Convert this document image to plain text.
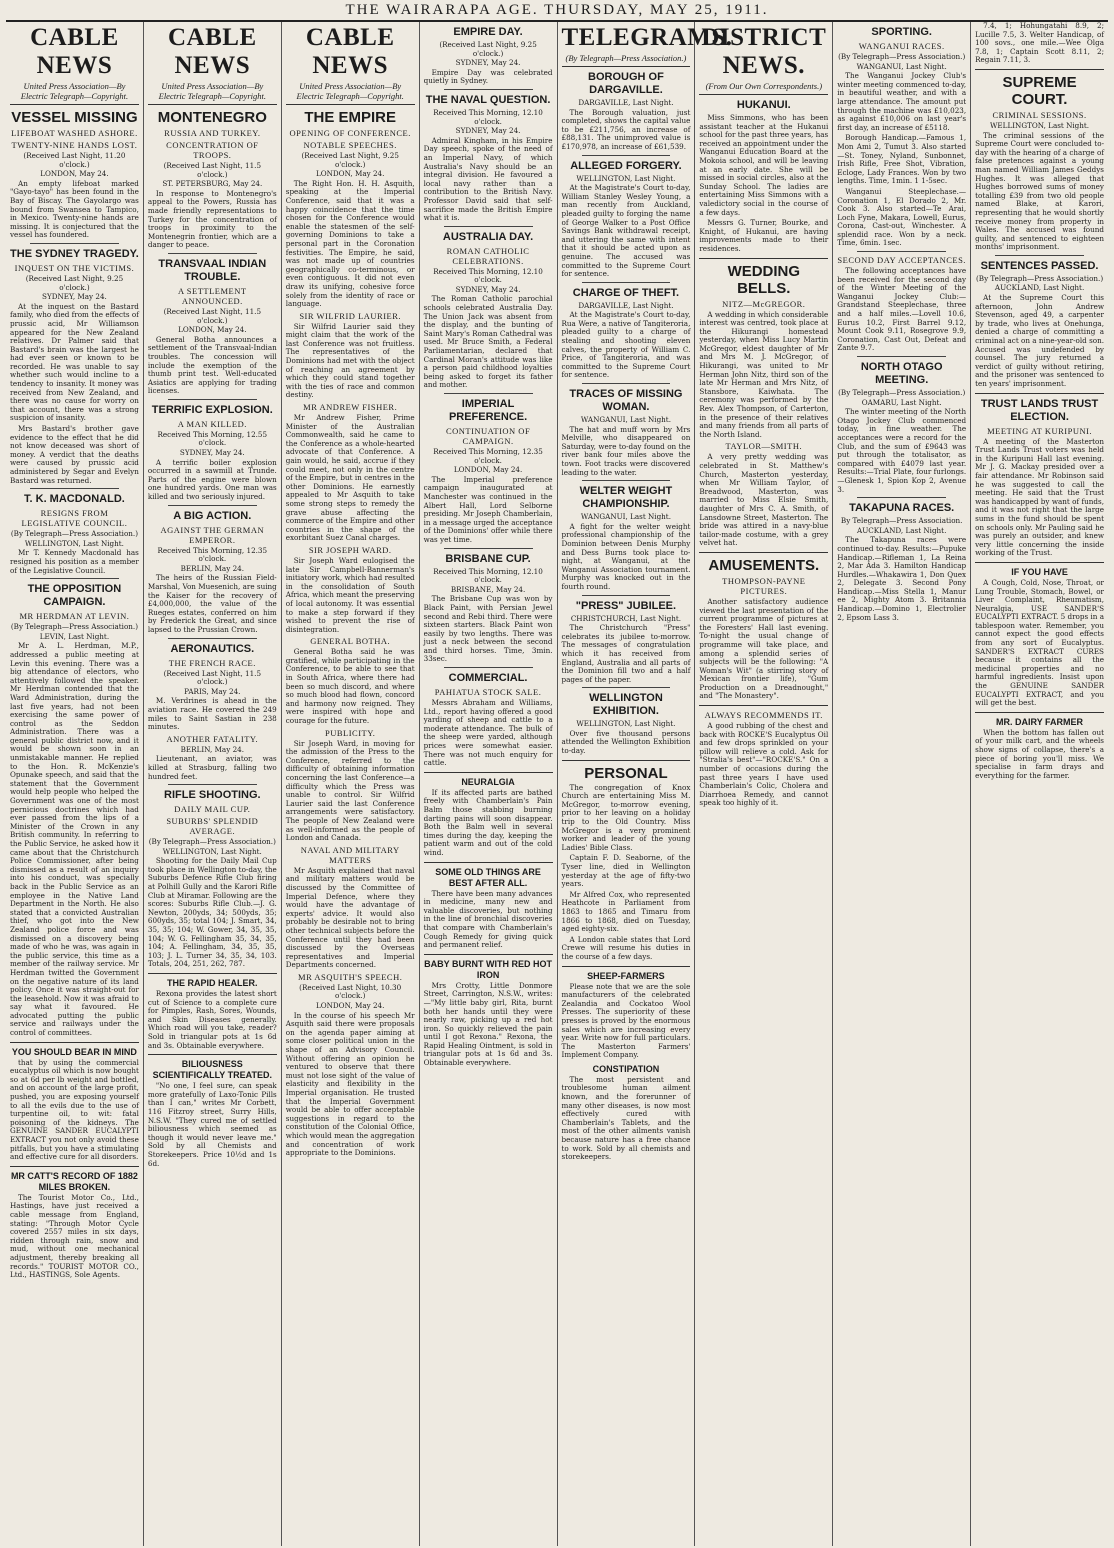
THE WAIRARAPA AGE. THURSDAY, MAY 25, 1911.
CABLE NEWS
United Press Association—By Electric Telegraph—Copyright.
VESSEL MISSING
LIFEBOAT WASHED ASHORE.
TWENTY-NINE HANDS LOST.
(Received Last Night, 11.20 o'clock.)
LONDON, May 24.

An empty lifeboat marked "Gayo-tayo" has been found in the Bay of Biscay. The Gayolargo was bound from Swansea to Tampico, in Mexico. Twenty-nine hands are missing. It is conjectured that the vessel has foundered.

THE SYDNEY TRAGEDY.
INQUEST ON THE VICTIMS.
(Received Last Night, 9.25 o'clock.)
SYDNEY, May 24.

At the inquest on the Bastard family, who died from the effects of prussic acid, Mr Williamson appeared for the New Zealand relatives. Dr Palmer said that Bastard's brain was the largest he had ever seen or known to be recorded. He was unable to say whether such would incline to a tendency to insanity. It money was received from New Zealand, and there was no cause for worry on that account, there was a strong suspicion of insanity.

Mrs Bastard's brother gave evidence to the effect that he did not know deceased was short of money. A verdict that the deaths were caused by prussic acid administered by Segar and Evelyn Bastard was returned.

T. K. MACDONALD.
RESIGNS FROM LEGISLATIVE COUNCIL.
(By Telegraph—Press Association.)
WELLINGTON, Last Night.

Mr T. Kennedy Macdonald has resigned his position as a member of the Legislative Council.

THE OPPOSITION CAMPAIGN.
MR HERDMAN AT LEVIN.
(By Telegraph—Press Association.)
LEVIN, Last Night.

Mr A. L. Herdman, M.P., addressed a public meeting at Levin this evening. There was a big attendance of electors, who attentively followed the speaker. Mr Herdman contended that the Ward Administration, during the last five years, had not been exercising the same power of control as the Seddon Administration. There was a general public district now, and it would be shown soon in an unmistakable manner. He replied to the Hon. R. McKenzie's Opunake speech, and said that the statement that the Government would help people who helped the Government was one of the most pernicious doctrines which had ever passed from the lips of a Minister of the Crown in any British community. In referring to the Public Service, he asked how it came about that the Christchurch Police Commissioner, after being dismissed as a result of an inquiry into his conduct, was specially back in the Public Service as an employee in the Native Land Department in the North. He also stated that a convicted Australian thief, who got into the New Zealand police force and was dismissed on a discovery being made of who he was, was again in the public service, this time as a member of the railway service. Mr Herdman twitted the Government on the negative nature of its land policy. Once it was straight-out for the leasehold. Now it was afraid to say what it favoured. He advocated putting the public service and railways under the control of committees.

YOU SHOULD BEAR IN MIND

that by using the commercial eucalyptus oil which is now bought so at 6d per lb weight and bottled, and on account of the large profit, pushed, you are exposing yourself to all the evils due to the use of turpentine oil, to wit: fatal poisoning of the kidneys. The GENUINE SANDER EUCALYPTI EXTRACT you not only avoid these pitfalls, but you have a stimulating and effective cure for all disorders.

MR CATT'S RECORD OF 1882 MILES BROKEN.

The Tourist Motor Co., Ltd., Hastings, have just received a cable message from England, stating: "Through Motor Cycle covered 2557 miles in six days, ridden through rain, snow and mud, without one mechanical adjustment, thereby breaking all records." TOURIST MOTOR CO., Ltd., HASTINGS, Sole Agents.

CABLE NEWS
United Press Association—By Electric Telegraph—Copyright.
MONTENEGRO
RUSSIA AND TURKEY.
CONCENTRATION OF TROOPS.
(Received Last Night, 11.5 o'clock.)
ST. PETERSBURG, May 24.

In response to Montenegro's appeal to the Powers, Russia has made friendly representations to Turkey for the concentration of troops in proximity to the Montenegrin frontier, which are a danger to peace.

TRANSVAAL INDIAN TROUBLE.
A SETTLEMENT ANNOUNCED.
(Received Last Night, 11.5 o'clock.)
LONDON, May 24.

General Botha announces a settlement of the Transvaal-Indian troubles. The concession will include the exemption of the thumb print test. Well-educated Asiatics are applying for trading licenses.

TERRIFIC EXPLOSION.
A MAN KILLED.
Received This Morning, 12.55 o'clock.
SYDNEY, May 24.

A terrific boiler explosion occurred in a sawmill at Trunde. Parts of the engine were blown one hundred yards. One man was killed and two seriously injured.

A BIG ACTION.
AGAINST THE GERMAN EMPEROR.
Received This Morning, 12.35 o'clock.
BERLIN, May 24.

The heirs of the Russian Field-Marshal, Von Muesenich, are suing the Kaiser for the recovery of £4,000,000, the value of the Rueges estates, conferred on him by Frederick the Great, and since lapsed to the Prussian Crown.

AERONAUTICS.
THE FRENCH RACE.
(Received Last Night, 11.5 o'clock.)
PARIS, May 24.

M. Verdrines is ahead in the aviation race. He covered the 249 miles to Saint Sastian in 238 minutes.

ANOTHER FATALITY.
BERLIN, May 24.

Lieutenant, an aviator, was killed at Strasburg, falling two hundred feet.

RIFLE SHOOTING.
DAILY MAIL CUP.
SUBURBS' SPLENDID AVERAGE.
(By Telegraph—Press Association.)
WELLINGTON, Last Night.

Shooting for the Daily Mail Cup took place in Wellington to-day, the Suburbs Defence Rifle Club firing at Polhill Gully and the Karori Rifle Club at Miramar. Following are the scores: Suburbs Rifle Club.—J. G. Newton, 200yds, 34; 500yds, 35; 600yds, 35; total 104; J. Smart, 34, 35, 35; 104; W. Gower, 34, 35, 35, 104; W. G. Fellingham 35, 34, 35, 104; A. Fellingham, 34, 35, 35, 103; J. L. Turner 34, 35, 34, 103. Totals, 204, 251, 262, 787.

THE RAPID HEALER.

Rexona provides the latest short cut of Science to a complete cure for Pimples, Rash, Sores, Wounds, and Skin Diseases generally. Which road will you take, reader? Sold in triangular pots at 1s 6d and 3s. Obtainable everywhere.

BILIOUSNESS SCIENTIFICALLY TREATED.

"No one, I feel sure, can speak more gratefully of Laxo-Tonic Pills than I can," writes Mr Corbett, 116 Fitzroy street, Surry Hills, N.S.W. "They cured me of settled biliousness which seemed as though it would never leave me." Sold by all Chemists and Storekeepers. Price 10½d and 1s 6d.

CABLE NEWS
United Press Association—By Electric Telegraph—Copyright.
THE EMPIRE
OPENING OF CONFERENCE.
NOTABLE SPEECHES.
(Received Last Night, 9.25 o'clock.)
LONDON, May 24.

The Right Hon. H. H. Asquith, speaking at the Imperial Conference, said that it was a happy coincidence that the time chosen for the Conference would enable the statesmen of the self-governing Dominions to take a personal part in the Coronation festivities. The Empire, he said, was not made up of countries geographically co-terminous, or even contiguous. It did not even draw its unifying, cohesive force solely from the identity of race or language.

SIR WILFRID LAURIER.

Sir Wilfrid Laurier said they might claim that the work of the last Conference was not fruitless. The representatives of the Dominions had met with the object of reaching an agreement by which they could stand together with the ties of race and common destiny.

MR ANDREW FISHER.

Mr Andrew Fisher, Prime Minister of the Australian Commonwealth, said he came to the Conference as a whole-hearted advocate of that Conference. A gain would, he said, accrue if they could meet, not only in the centre of the Empire, but in centres in the other Dominions. He earnestly appealed to Mr Asquith to take some strong steps to remedy the grave abuse affecting the commerce of the Empire and other countries in the shape of the exorbitant Suez Canal charges.

SIR JOSEPH WARD.

Sir Joseph Ward eulogised the late Sir Campbell-Bannerman's initiatory work, which had resulted in the consolidation of South Africa, which meant the preserving of local autonomy. It was essential to make a step forward if they wished to prevent the rise of disintegration.

GENERAL BOTHA.

General Botha said he was gratified, while participating in the Conference, to be able to see that in South Africa, where there had been so much discord, and where so much blood had flown, concord and harmony now reigned. They were inspired with hope and courage for the future.

PUBLICITY.

Sir Joseph Ward, in moving for the admission of the Press to the Conference, referred to the difficulty of obtaining information concerning the last Conference—a difficulty which the Press was unable to control. Sir Wilfrid Laurier said the last Conference arrangements were satisfactory. The people of New Zealand were as well-informed as the people of London and Canada.

NAVAL AND MILITARY MATTERS

Mr Asquith explained that naval and military matters would be discussed by the Committee of Imperial Defence, where they would have the advantage of experts' advice. It would also probably be desirable not to bring other technical subjects before the Conference until they had been discussed by the Overseas representatives and Imperial Departments concerned.

MR ASQUITH'S SPEECH.
(Received Last Night, 10.30 o'clock.)
LONDON, May 24.

In the course of his speech Mr Asquith said there were proposals on the agenda paper aiming at some closer political union in the shape of an Advisory Council. Without offering an opinion he ventured to observe that there must not lose sight of the value of elasticity and flexibility in the Imperial organisation. He trusted that the Imperial Government would be able to offer acceptable suggestions in regard to the constitution of the Colonial Office, which would mean the aggregation and concentration of work appropriate to the Dominions.

EMPIRE DAY.
(Received Last Night, 9.25 o'clock.)
SYDNEY, May 24.

Empire Day was celebrated quietly in Sydney.

THE NAVAL QUESTION.
Received This Morning, 12.10 o'clock.
SYDNEY, May 24.

Admiral Kingham, in his Empire Day speech, spoke of the need of an Imperial Navy, of which Australia's Navy should be an integral division. He favoured a local navy rather than a contribution to the British Navy. Professor David said that self-sacrifice made the British Empire what it is.

AUSTRALIA DAY.
ROMAN CATHOLIC CELEBRATIONS.
Received This Morning, 12.10 o'clock.
SYDNEY, May 24.

The Roman Catholic parochial schools celebrated Australia Day. The Union Jack was absent from the display, and the bunting of Saint Mary's Roman Cathedral was used. Mr Bruce Smith, a Federal Parliamentarian, declared that Cardinal Moran's attitude was like a person paid childhood loyalties being asked to forget its father and mother.

IMPERIAL PREFERENCE.
CONTINUATION OF CAMPAIGN.
Received This Morning, 12.35 o'clock.
LONDON, May 24.

The Imperial preference campaign inaugurated at Manchester was continued in the Albert Hall, Lord Selborne presiding. Mr Joseph Chamberlain, in a message urged the acceptance of the Dominions' offer while there was yet time.

BRISBANE CUP.
Received This Morning, 12.10 o'clock.
BRISBANE, May 24.

The Brisbane Cup was won by Black Paint, with Persian Jewel second and Rebi third. There were sixteen starters. Black Paint won easily by two lengths. There was just a neck between the second and third horses. Time, 3min. 33sec.

COMMERCIAL.
PAHIATUA STOCK SALE.

Messrs Abraham and Williams, Ltd., report having offered a good yarding of sheep and cattle to a moderate attendance. The bulk of the sheep were yarded, although prices were somewhat easier. There was not much enquiry for cattle.

NEURALGIA

If its affected parts are bathed freely with Chamberlain's Pain Balm those stabbing burning darting pains will soon disappear. Both the Balm well in several times during the day, keeping the patient warm and out of the cold wind.

SOME OLD THINGS ARE BEST AFTER ALL.

There have been many advances in medicine, many new and valuable discoveries, but nothing in the line of bronchial discoveries that compare with Chamberlain's Cough Remedy for giving quick and permanent relief.

BABY BURNT WITH RED HOT IRON

Mrs Crotty, Little Donmore Street, Carrington, N.S.W., writes:—"My little baby girl, Rita, burnt both her hands until they were nearly raw, picking up a red hot iron. So quickly relieved the pain until I got Rexona." Rexona, the Rapid Healing Ointment, is sold in triangular pots at 1s 6d and 3s. Obtainable everywhere.

TELEGRAMS.
(By Telegraph—Press Association.)
BOROUGH OF DARGAVILLE.
DARGAVILLE, Last Night.

The Borough valuation, just completed, shows the capital value to be £211,756, an increase of £88,131. The unimproved value is £170,978, an increase of £61,539.

ALLEGED FORGERY.
WELLINGTON, Last Night.

At the Magistrate's Court to-day, William Stanley Wesley Young, a man recently from Auckland, pleaded guilty to forging the name of George Walker to a Post Office Savings Bank withdrawal receipt, and uttering the same with intent that it should be acted upon as genuine. The accused was committed to the Supreme Court for sentence.

CHARGE OF THEFT.
DARGAVILLE, Last Night.

At the Magistrate's Court to-day, Rua Were, a native of Tangiteroria, pleaded guilty to a charge of stealing and shooting eleven calves, the property of William C. Price, of Tangiteroria, and was committed to the Supreme Court for sentence.

TRACES OF MISSING WOMAN.
WANGANUI, Last Night.

The hat and muff worn by Mrs Melville, who disappeared on Saturday, were to-day found on the river bank four miles above the town. Foot tracks were discovered leading to the water.

WELTER WEIGHT CHAMPIONSHIP.
WANGANUI, Last Night.

A fight for the welter weight professional championship of the Dominion between Denis Murphy and Dess Burns took place to-night, at Wanganui, at the Wanganui Association tournament. Murphy was knocked out in the fourth round.

"PRESS" JUBILEE.
CHRISTCHURCH, Last Night.

The Christchurch "Press" celebrates its jubilee to-morrow. The messages of congratulation which it has received from England, Australia and all parts of the Dominion fill two and a half pages of the paper.

WELLINGTON EXHIBITION.
WELLINGTON, Last Night.

Over five thousand persons attended the Wellington Exhibition to-day.

PERSONAL

The congregation of Knox Church are entertaining Miss M. McGregor, to-morrow evening, prior to her leaving on a holiday trip to the Old Country. Miss McGregor is a very prominent worker and leader of the young Ladies' Bible Class.

Captain F. D. Seaborne, of the Tyser line, died in Wellington yesterday at the age of fifty-two years.

Mr Alfred Cox, who represented Heathcote in Parliament from 1863 to 1865 and Timaru from 1866 to 1868, died on Tuesday, aged eighty-six.

A London cable states that Lord Crewe will resume his duties in the course of a few days.

SHEEP-FARMERS

Please note that we are the sole manufacturers of the celebrated Zealandia and Cockatoo Wool Presses. The superiority of these presses is proved by the enormous sales which are increasing every year. Write now for full particulars. The Masterton Farmers' Implement Company.

CONSTIPATION

The most persistent and troublesome human ailment known, and the forerunner of many other diseases, is now most effectively cured with Chamberlain's Tablets, and the most of the other ailments vanish because nature has a free chance to work. Sold by all chemists and storekeepers.

DISTRICT NEWS.
(From Our Own Correspondents.)
HUKANUI.

Miss Simmons, who has been assistant teacher at the Hukanui school for the past three years, has received an appointment under the Wanganui Education Board at the Mokoia school, and will be leaving at an early date. She will be missed in social circles, also at the Sunday School. The ladies are entertaining Miss Simmons with a valedictory social in the course of a few days.

Messrs G. Turner, Bourke, and Knight, of Hukanui, are having improvements made to their residences.

WEDDING BELLS.
NITZ—McGREGOR.

A wedding in which considerable interest was centred, took place at the Hikurangi homestead yesterday, when Miss Lucy Martin McGregor, eldest daughter of Mr and Mrs M. J. McGregor, of Hikurangi, was united to Mr Herman John Nitz, third son of the late Mr Herman and Mrs Nitz, of Stansbore, Kaiwhata. The ceremony was performed by the Rev. Alex Thompson, of Carterton, in the presence of their relatives and many friends from all parts of the North Island.

TAYLOR—SMITH.

A very pretty wedding was celebrated in St. Matthew's Church, Masterton yesterday, when Mr William Taylor, of Breadwood, Masterton, was married to Miss Elsie Smith, daughter of Mrs C. A. Smith, of Lansdowne Street, Masterton. The bride was attired in a navy-blue tailor-made costume, with a grey velvet hat.

AMUSEMENTS.
THOMPSON-PAYNE PICTURES.

Another satisfactory audience viewed the last presentation of the current programme of pictures at the Foresters' Hall last evening. To-night the usual change of programme will take place, and among a splendid series of subjects will be the following: "A Woman's Wit" (a stirring story of Mexican frontier life), "Gum Production on a Dreadnought," and "The Monastery".

ALWAYS RECOMMENDS IT.

A good rubbing of the chest and back with ROCKE'S Eucalyptus Oil and few drops sprinkled on your pillow will relieve a cold. Ask for "Stralia's best"—"ROCKE'S." On a number of occasions during the past three years I have used Chamberlain's Colic, Cholera and Diarrhoea Remedy, and cannot speak too highly of it.

SPORTING.
WANGANUI RACES.
(By Telegraph—Press Association.)
WANGANUI, Last Night.

The Wanganui Jockey Club's winter meeting commenced to-day, in beautiful weather, and with a large attendance. The amount put through the machine was £10,023, as against £10,006 on last year's first day, an increase of £5118.

Borough Handicap.—Famous 1, Mon Ami 2, Tumut 3. Also started—St. Toney, Nyland, Sunbonnet, Irish Rifle, Free Shot, Vibration, Ecloge, Lady Frances. Won by two lengths. Time, 1min. 1 1-5sec.

Wanganui Steeplechase.—Coronation 1, El Dorado 2, Mr. Cook 3. Also started—Te Arai, Loch Fyne, Makara, Lowell, Eurus, Corona, Cast-out, Winchester. A splendid race. Won by a neck. Time, 6min. 1sec.

SECOND DAY ACCEPTANCES.

The following acceptances have been received for the second day of the Winter Meeting of the Wanganui Jockey Club:—Grandstand Steeplechase, three and a half miles.—Lovell 10.6, Eurus 10.2, First Barrel 9.12, Mount Cook 9.11, Rosegrove 9.9, Coronation, Cast Out, Defeat and Zante 9.7.

NORTH OTAGO MEETING.
(By Telegraph—Press Association.)
OAMARU, Last Night.

The winter meeting of the North Otago Jockey Club commenced today, in fine weather. The acceptances were a record for the Club, and the sum of £9643 was put through the totalisator, as compared with £4079 last year. Results:—Trial Plate, four furlongs.—Glenesk 1, Spion Kop 2, Avenue 3.

TAKAPUNA RACES.
By Telegraph—Press Association.
AUCKLAND, Last Night.

The Takapuna races were continued to-day. Results:—Pupuke Handicap.—Rifleman 1, La Reina 2, Mar Ada 3. Hamilton Handicap Hurdles.—Whakawira 1, Don Quex 2, Delegate 3. Second Pony Handicap.—Miss Stella 1, Manur ee 2, Mighty Atom 3. Britannia Handicap.—Domino 1, Electrolier 2, Epsom Lass 3.

7.4, 1; Hohungatahi 8.9, 2; Lucille 7.5, 3. Welter Handicap, of 100 sovs., one mile.—Wee Olga 7.8, 1; Captain Scott 8.11, 2; Regain 7.11, 3.

SUPREME COURT.
CRIMINAL SESSIONS.
WELLINGTON, Last Night.

The criminal sessions of the Supreme Court were concluded to-day with the hearing of a charge of false pretences against a young man named William James Geddys Hughes. It was alleged that Hughes borrowed sums of money totalling £39 from two old people named Blake, at Karori, representing that he would shortly receive money from property in Wales. The accused was found guilty, and sentenced to eighteen months' imprisonment.

SENTENCES PASSED.
(By Telegraph—Press Association.)
AUCKLAND, Last Night.

At the Supreme Court this afternoon, John Andrew Stevenson, aged 49, a carpenter by trade, who lives at Onehunga, denied a charge of committing a criminal act on a nine-year-old son. Accused was undefended by counsel. The jury returned a verdict of guilty without retiring, and the prisoner was sentenced to ten years' imprisonment.

TRUST LANDS TRUST ELECTION.
MEETING AT KURIPUNI.

A meeting of the Masterton Trust Lands Trust voters was held in the Kuripuni Hall last evening. Mr J. G. Mackay presided over a fair attendance. Mr Robinson said he was suggested to call the meeting. He said that the Trust was handicapped by want of funds, and it was not right that the large sums in the fund should be spent on schools only. Mr Pauling said he was purely an outsider, and knew very little concerning the inside working of the Trust.

IF YOU HAVE

A Cough, Cold, Nose, Throat, or Lung Trouble, Stomach, Bowel, or Liver Complaint, Rheumatism, Neuralgia, USE SANDER'S EUCALYPTI EXTRACT. 5 drops in a tablespoon water. Remember, you cannot expect the good effects from any sort of Eucalyptus. SANDER'S EXTRACT CURES because it contains all the medicinal properties and no harmful ingredients. Insist upon the GENUINE SANDER EUCALYPTI EXTRACT, and you will get the best.

MR. DAIRY FARMER

When the bottom has fallen out of your milk cart, and the wheels show signs of collapse, there's a piece of boring you'll miss. We specialise in farm drays and everything for the farmer.
